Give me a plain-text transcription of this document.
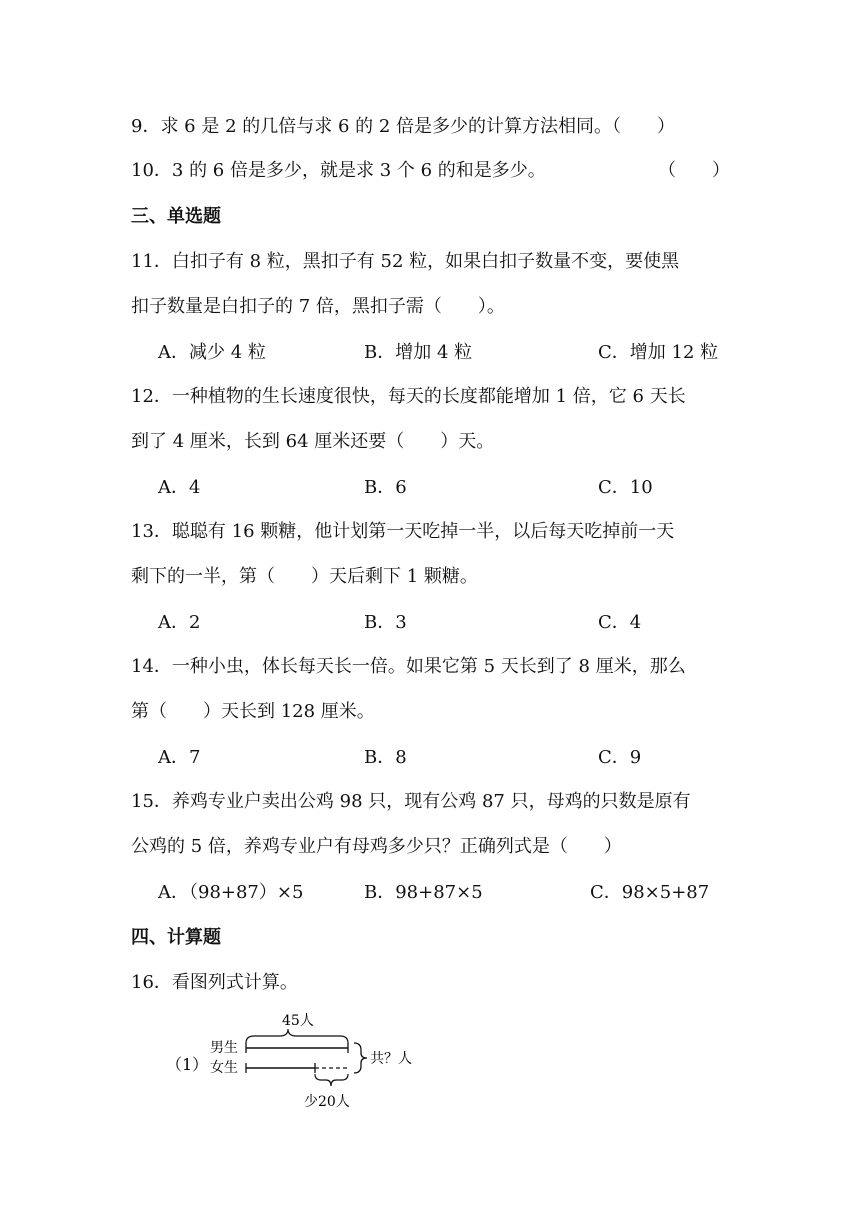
9．求 6 是 2 的几倍与求 6 的 2 倍是多少的计算方法相同。（　　）
10．3 的 6 倍是多少，就是求 3 个 6 的和是多少。	（　　）
三、单选题
11．白扣子有 8 粒，黑扣子有 52 粒，如果白扣子数量不变，要使黑
扣子数量是白扣子的 7 倍，黑扣子需（　　）。
A．减少 4 粒	B．增加 4 粒	C．增加 12 粒
12．一种植物的生长速度很快，每天的长度都能增加 1 倍，它 6 天长
到了 4 厘米，长到 64 厘米还要（　　）天。
A．4	B．6	C．10
13．聪聪有 16 颗糖，他计划第一天吃掉一半，以后每天吃掉前一天
剩下的一半，第（　　）天后剩下 1 颗糖。
A．2	B．3	C．4
14．一种小虫，体长每天长一倍。如果它第 5 天长到了 8 厘米，那么
第（　　）天长到 128 厘米。
A．7	B．8	C．9
15．养鸡专业户卖出公鸡 98 只，现有公鸡 87 只，母鸡的只数是原有
公鸡的 5 倍，养鸡专业户有母鸡多少只？正确列式是（　　）
A．（98+87）×5	B．98+87×5	C．98×5+87
四、计算题
16．看图列式计算。
（1）
男生
女生
45人
少20人
共？人
